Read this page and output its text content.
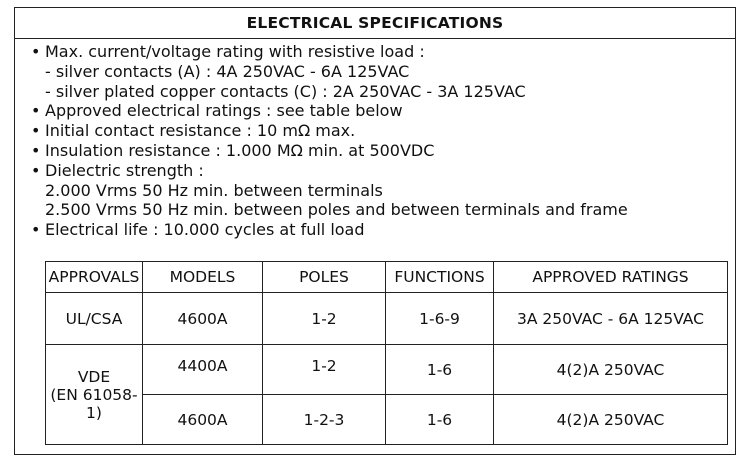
ELECTRICAL SPECIFICATIONS
• Max. current/voltage rating with resistive load :
- silver contacts (A) : 4A 250VAC - 6A 125VAC
- silver plated copper contacts (C) : 2A 250VAC - 3A 125VAC
• Approved electrical ratings : see table below
• Initial contact resistance : 10 mΩ max.
• Insulation resistance : 1.000 MΩ min. at 500VDC
• Dielectric strength :
2.000 Vrms 50 Hz min. between terminals
2.500 Vrms 50 Hz min. between poles and between terminals and frame
• Electrical life : 10.000 cycles at full load
APPROVALS	MODELS	POLES	FUNCTIONS	APPROVED RATINGS
UL/CSA	4600A	1-2	1-6-9	3A 250VAC - 6A 125VAC

VDE
(EN 61058-1)	4400A	1-2	1-6	4(2)A 250VAC
	4600A	1-2-3	1-6	4(2)A 250VAC
